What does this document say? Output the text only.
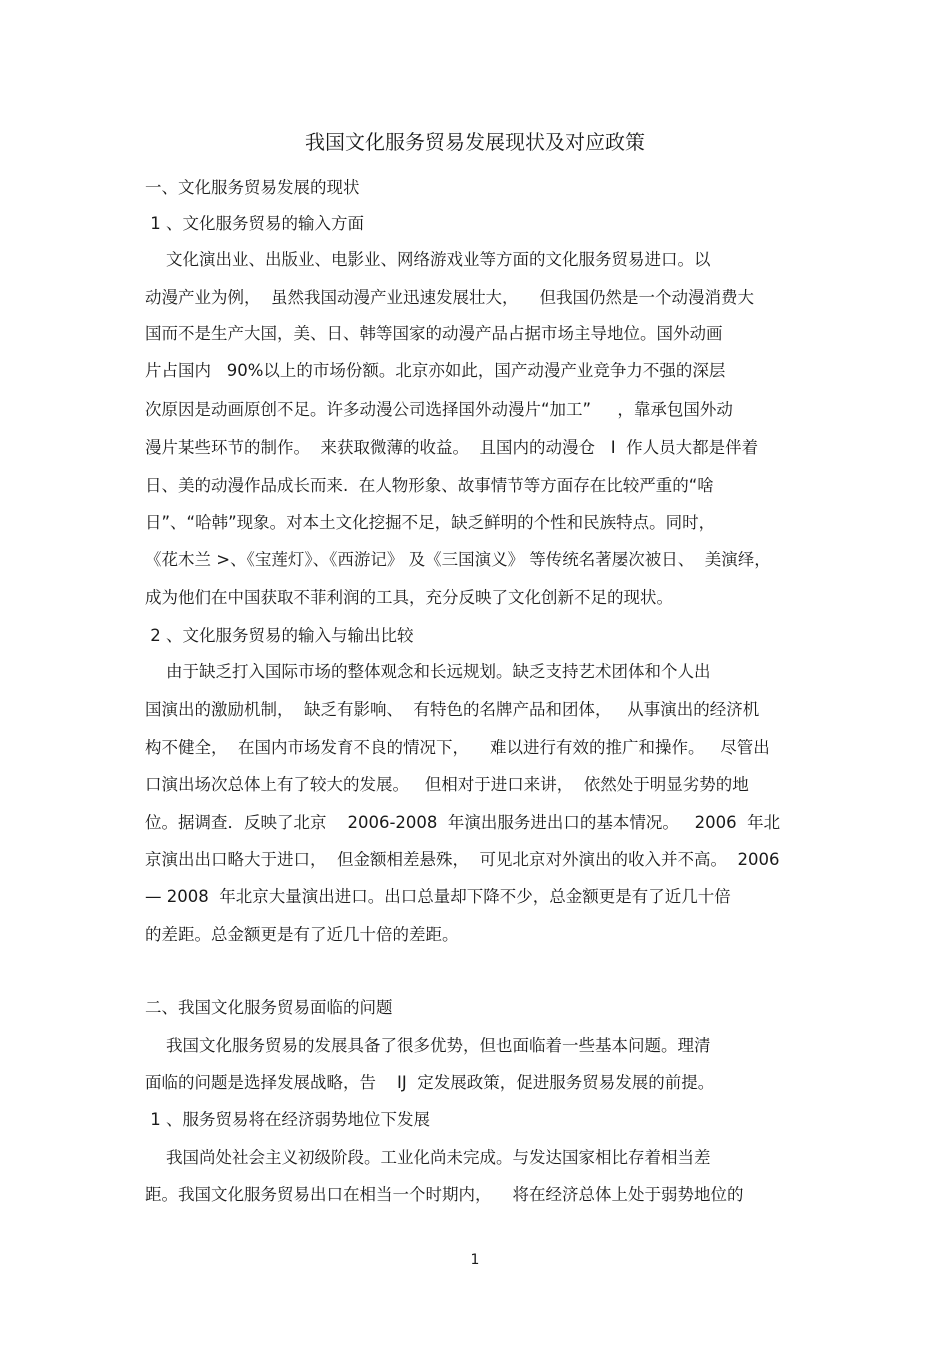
我国文化服务贸易发展现状及对应政策
一、文化服务贸易发展的现状
1 、文化服务贸易的输入方面
文化演出业、出版业、电影业、网络游戏业等方面的文化服务贸易进口。以
动漫产业为例，  虽然我国动漫产业迅速发展壮大，    但我国仍然是一个动漫消费大
国而不是生产大国，美、日、韩等国家的动漫产品占据市场主导地位。国外动画
片占国内   90%以上的市场份额。北京亦如此，国产动漫产业竞争力不强的深层
次原因是动画原创不足。许多动漫公司选择国外动漫片“加工”     ，靠承包国外动
漫片某些环节的制作。  来获取微薄的收益。  且国内的动漫仓   I  作人员大都是伴着
日、美的动漫作品成长而来.  在人物形象、故事情节等方面存在比较严重的“啥
日”、“哈韩”现象。对本土文化挖掘不足，缺乏鲜明的个性和民族特点。同时，
《花木兰 >、《宝莲灯》、《西游记》 及《三国演义》 等传统名著屡次被日、  美演绎，
成为他们在中国获取不菲利润的工具，充分反映了文化创新不足的现状。
2 、文化服务贸易的输入与输出比较
由于缺乏打入国际市场的整体观念和长远规划。缺乏支持艺术团体和个人出
国演出的激励机制，  缺乏有影响、  有特色的名牌产品和团体，   从事演出的经济机
构不健全，  在国内市场发育不良的情况下，    难以进行有效的推广和操作。   尽管出
口演出场次总体上有了较大的发展。   但相对于进口来讲，  依然处于明显劣势的地
位。据调查．反映了北京    2006-2008  年演出服务进出口的基本情况。   2006  年北
京演出出口略大于进口，  但金额相差悬殊，  可见北京对外演出的收入并不高。  2006
— 2008  年北京大量演出进口。出口总量却下降不少，总金额更是有了近几十倍
的差距。总金额更是有了近几十倍的差距。
二、我国文化服务贸易面临的问题
我国文化服务贸易的发展具备了很多优势，但也面临着一些基本问题。理清
面临的问题是选择发展战略，告    IJ  定发展政策，促进服务贸易发展的前提。
1 、服务贸易将在经济弱势地位下发展
我国尚处社会主义初级阶段。工业化尚未完成。与发达国家相比存着相当差
距。我国文化服务贸易出口在相当一个时期内，    将在经济总体上处于弱势地位的
1
